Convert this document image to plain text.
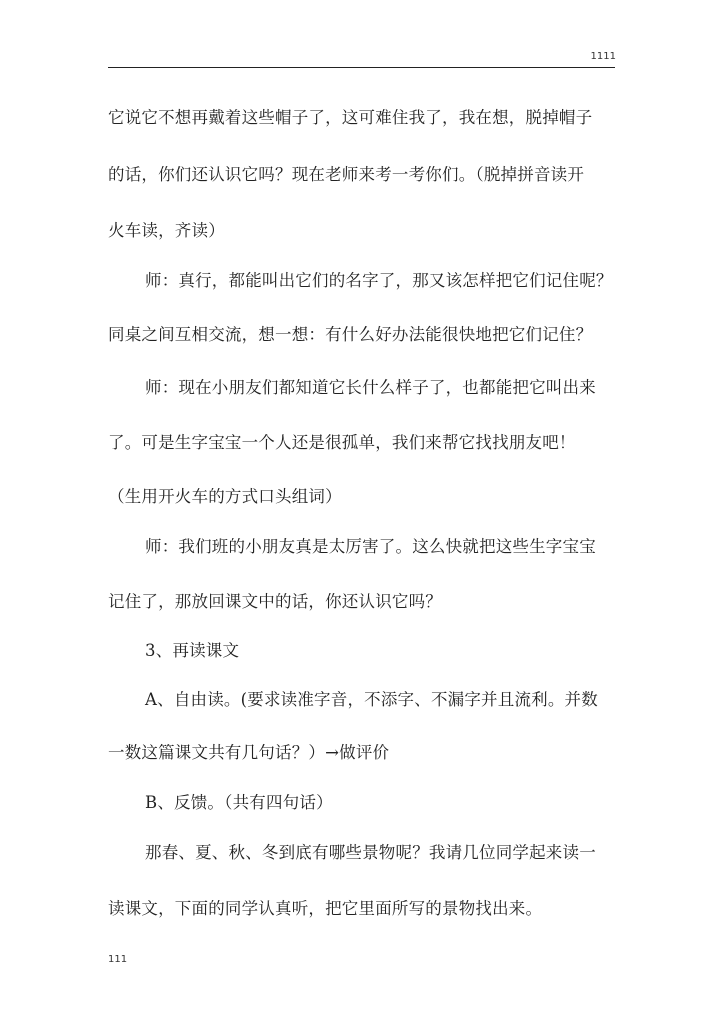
1111
它说它不想再戴着这些帽子了，这可难住我了，我在想，脱掉帽子
的话，你们还认识它吗？现在老师来考一考你们。（脱掉拼音读开
火车读，齐读）
师：真行，都能叫出它们的名字了，那又该怎样把它们记住呢？
同桌之间互相交流，想一想：有什么好办法能很快地把它们记住？
师：现在小朋友们都知道它长什么样子了，也都能把它叫出来
了。可是生字宝宝一个人还是很孤单，我们来帮它找找朋友吧！
（生用开火车的方式口头组词）
师：我们班的小朋友真是太厉害了。这么快就把这些生字宝宝
记住了，那放回课文中的话，你还认识它吗？
3、再读课文
A、自由读。(要求读准字音，不添字、不漏字并且流利。并数
一数这篇课文共有几句话？）→做评价
B、反馈。（共有四句话）
那春、夏、秋、冬到底有哪些景物呢？我请几位同学起来读一
读课文，下面的同学认真听，把它里面所写的景物找出来。
111
